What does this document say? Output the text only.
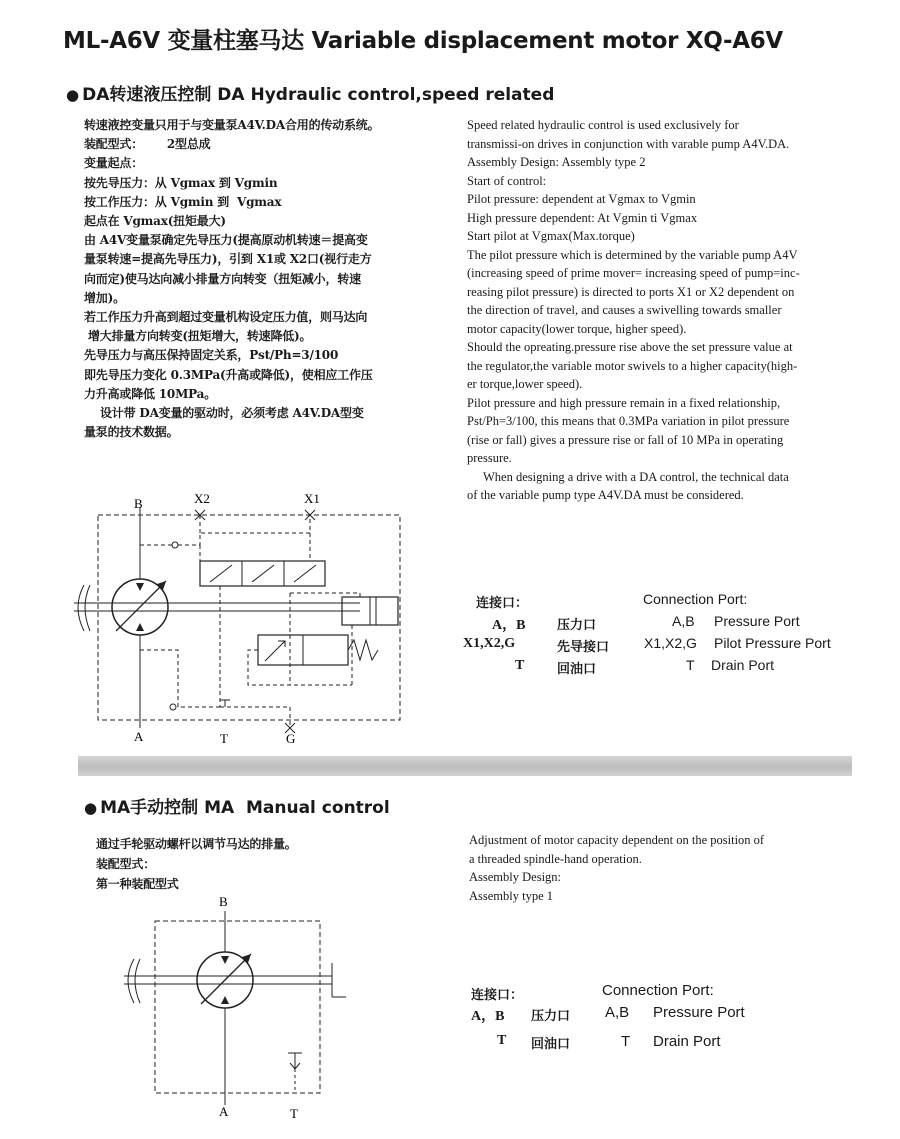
ML-A6V 变量柱塞马达 Variable displacement motor XQ-A6V
● DA转速液压控制 DA Hydraulic control,speed related
转速液控变量只用于与变量泵A4V.DA合用的传动系统。
装配型式：      2型总成
变量起点：
按先导压力：从 Vgmax 到 Vgmin
按工作压力：从 Vgmin 到  Vgmax
起点在 Vgmax(扭矩最大)
由 A4V变量泵确定先导压力(提高原动机转速＝提高变
量泵转速=提高先导压力)，引到 X1或 X2口(视行走方
向而定)使马达向减小排量方向转变（扭矩减小，转速
增加)。
若工作压力升高到超过变量机构设定压力值，则马达向
增大排量方向转变(扭矩增大，转速降低)。
先导压力与高压保持固定关系，Pst/Ph=3/100
即先导压力变化 0.3MPa(升高或降低)，使相应工作压
力升高或降低 10MPa。
设计带 DA变量的驱动时，必须考虑 A4V.DA型变
量泵的技术数据。
Speed related hydraulic control is used exclusively for
transmissi-on drives in conjunction with varable pump A4V.DA.
Assembly Design: Assembly type 2
Start of control:
Pilot pressure: dependent at Vgmax to Vgmin
High pressure dependent: At Vgmin ti Vgmax
Start pilot at Vgmax(Max.torque)
The pilot pressure which is determined by the variable pump A4V
(increasing speed of prime mover= increasing speed of pump=inc-
reasing pilot pressure) is directed to ports X1 or X2 dependent on
the direction of travel, and causes a swivelling towards smaller
motor capacity(lower torque, higher speed).
Should the opreating.pressure rise above the set pressure value at
the regulator,the variable motor swivels to a higher capacity(high-
er torque,lower speed).
Pilot pressure and high pressure remain in a fixed relationship,
Pst/Ph=3/100, this means that 0.3MPa variation in pilot pressure
(rise or fall) gives a pressure rise or fall of 10 MPa in operating
pressure.
When designing a drive with a DA control, the technical data
of the variable pump type A4V.DA must be considered.
B	X2	X1
A	T	G
连接口：	Connection Port:
A，B 压力口	A,B Pressure Port
X1,X2,G	先导接口 X1,X2,G Pilot Pressure Port
T	回油口	T Drain Port
● MA手动控制 MA  Manual control
通过手轮驱动螺杆以调节马达的排量。
装配型式：
第一种装配型式
Adjustment of motor capacity dependent on the position of
a threaded spindle-hand operation.
Assembly Design:
Assembly type 1
B
A	T
连接口：	Connection Port:
A，B 压力口 A,B Pressure Port
T 回油口	T Drain Port
